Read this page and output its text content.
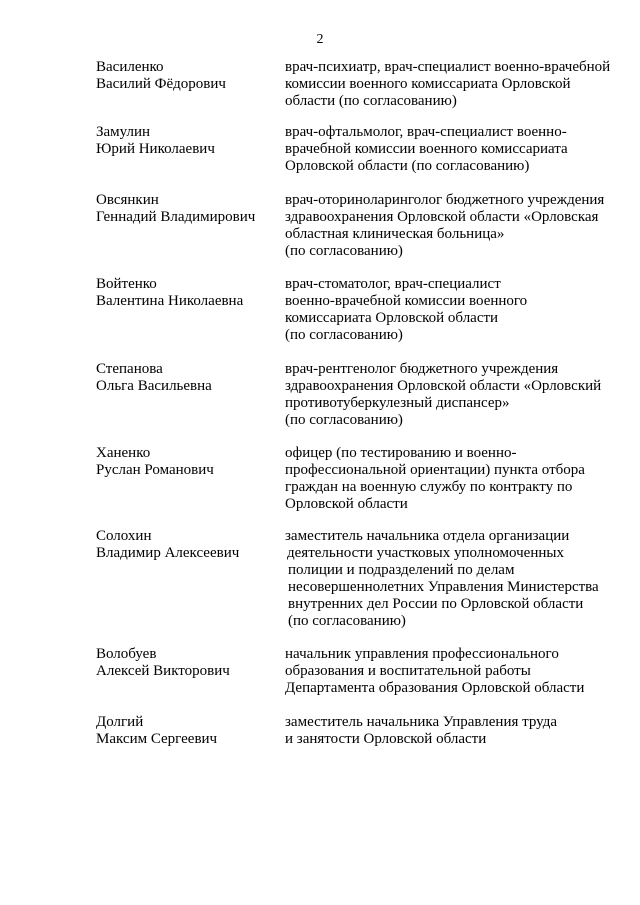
2
Василенко
Василий Фёдорович
врач-психиатр, врач-специалист военно-врачебной
комиссии военного комиссариата Орловской
области (по согласованию)
Замулин
Юрий Николаевич
врач-офтальмолог, врач-специалист военно-
врачебной комиссии военного комиссариата
Орловской области (по согласованию)
Овсянкин
Геннадий Владимирович
врач-оториноларинголог бюджетного учреждения
здравоохранения Орловской области «Орловская
областная клиническая больница»
(по согласованию)
Войтенко
Валентина Николаевна
врач-стоматолог, врач-специалист
военно-врачебной комиссии военного
комиссариата Орловской области
(по согласованию)
Степанова
Ольга Васильевна
врач-рентгенолог бюджетного учреждения
здравоохранения Орловской области «Орловский
противотуберкулезный диспансер»
(по согласованию)
Ханенко
Руслан Романович
офицер (по тестированию и военно-
профессиональной ориентации) пункта отбора
граждан на военную службу по контракту по
Орловской области
Солохин
Владимир Алексеевич
заместитель начальника отдела организации
деятельности участковых уполномоченных
полиции и подразделений по делам
несовершеннолетних Управления Министерства
внутренних дел России по Орловской области
(по согласованию)
Волобуев
Алексей Викторович
начальник управления профессионального
образования и воспитательной работы
Департамента образования Орловской области
Долгий
Максим Сергеевич
заместитель начальника Управления труда
и занятости Орловской области
